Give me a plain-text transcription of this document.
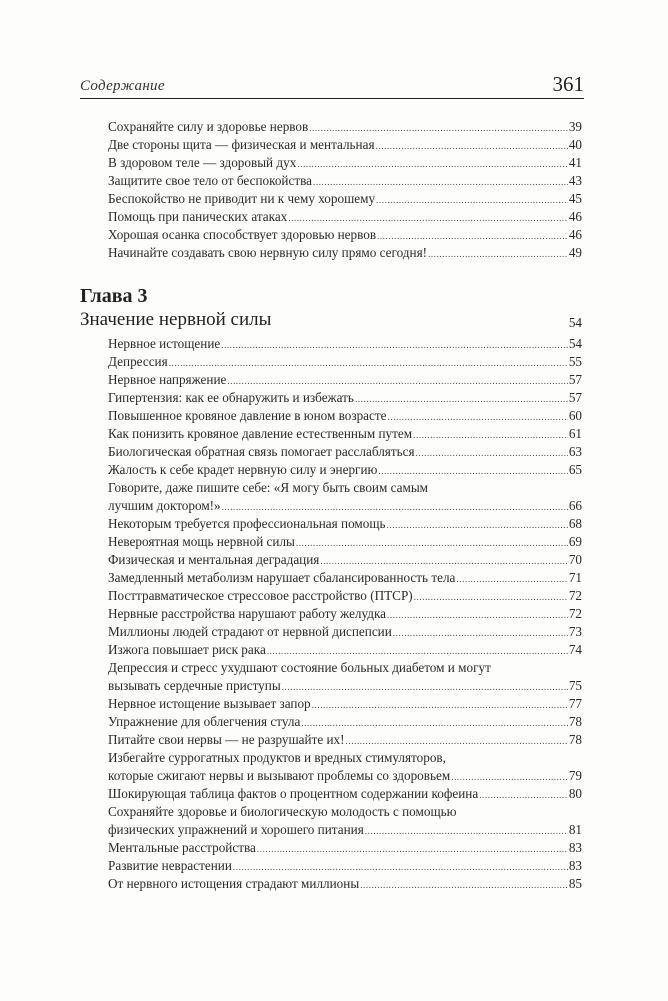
Содержание	361
Сохраняйте силу и здоровье нервов .....	39
Две стороны щита — физическая и ментальная .....	40
В здоровом теле — здоровый дух .....	41
Защитите свое тело от беспокойства .....	43
Беспокойство не приводит ни к чему хорошему .....	45
Помощь при панических атаках .....	46
Хорошая осанка способствует здоровью нервов .....	46
Начинайте создавать свою нервную силу прямо сегодня! .....	49
Глава 3
Значение нервной силы	54
Нервное истощение .....	54
Депрессия .....	55
Нервное напряжение .....	57
Гипертензия: как ее обнаружить и избежать .....	57
Повышенное кровяное давление в юном возрасте .....	60
Как понизить кровяное давление естественным путем .....	61
Биологическая обратная связь помогает расслабляться .....	63
Жалость к себе крадет нервную силу и энергию .....	65
Говорите, даже пишите себе: «Я могу быть своим самым
лучшим доктором!» .....	66
Некоторым требуется профессиональная помощь .....	68
Невероятная мощь нервной силы .....	69
Физическая и ментальная деградация .....	70
Замедленный метаболизм нарушает сбалансированность тела .....	71
Посттравматическое стрессовое расстройство (ПТСР) .....	72
Нервные расстройства нарушают работу желудка .....	72
Миллионы людей страдают от нервной диспепсии .....	73
Изжога повышает риск рака .....	74
Депрессия и стресс ухудшают состояние больных диабетом и могут
вызывать сердечные приступы .....	75
Нервное истощение вызывает запор .....	77
Упражнение для облегчения стула .....	78
Питайте свои нервы — не разрушайте их! .....	78
Избегайте суррогатных продуктов и вредных стимуляторов,
которые сжигают нервы и вызывают проблемы со здоровьем .....	79
Шокирующая таблица фактов о процентном содержании кофеина .....	80
Сохраняйте здоровье и биологическую молодость с помощью
физических упражнений и хорошего питания .....	81
Ментальные расстройства .....	83
Развитие неврастении .....	83
От нервного истощения страдают миллионы .....	85
